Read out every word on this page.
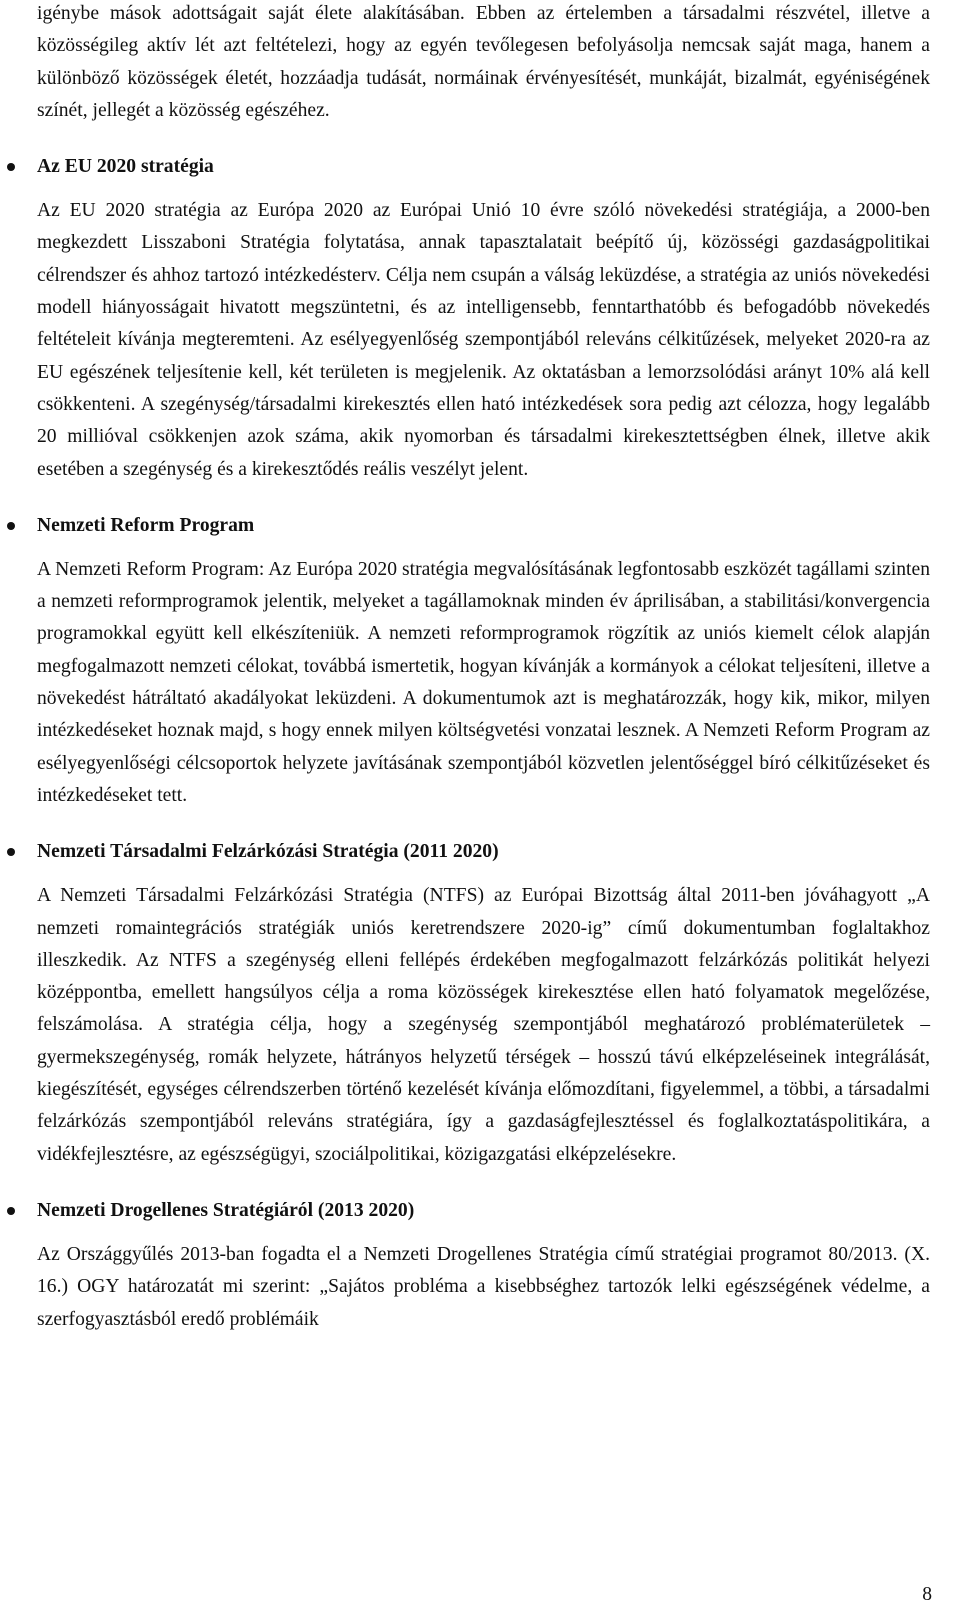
igénybe mások adottságait saját élete alakításában. Ebben az értelemben a társadalmi részvétel, illetve a közösségileg aktív lét azt feltételezi, hogy az egyén tevőlegesen befolyásolja nemcsak saját maga, hanem a különböző közösségek életét, hozzáadja tudását, normáinak érvényesítését, munkáját, bizalmát, egyéniségének színét, jellegét a közösség egészéhez.

Az EU 2020 stratégia

Az EU 2020 stratégia az Európa 2020 az Európai Unió 10 évre szóló növekedési stratégiája, a 2000-ben megkezdett Lisszaboni Stratégia folytatása, annak tapasztalatait beépítő új, közösségi gazdaságpolitikai célrendszer és ahhoz tartozó intézkedésterv. Célja nem csupán a válság leküzdése, a stratégia az uniós növekedési modell hiányosságait hivatott megszüntetni, és az intelligensebb, fenntarthatóbb és befogadóbb növekedés feltételeit kívánja megteremteni. Az esélyegyenlőség szempontjából releváns célkitűzések, melyeket 2020-ra az EU egészének teljesítenie kell, két területen is megjelenik. Az oktatásban a lemorzsolódási arányt 10% alá kell csökkenteni. A szegénység/társadalmi kirekesztés ellen ható intézkedések sora pedig azt célozza, hogy legalább 20 millióval csökkenjen azok száma, akik nyomorban és társadalmi kirekesztettségben élnek, illetve akik esetében a szegénység és a kirekesztődés reális veszélyt jelent.

Nemzeti Reform Program

A Nemzeti Reform Program: Az Európa 2020 stratégia megvalósításának legfontosabb eszközét tagállami szinten a nemzeti reformprogramok jelentik, melyeket a tagállamoknak minden év áprilisában, a stabilitási/konvergencia programokkal együtt kell elkészíteniük. A nemzeti reformprogramok rögzítik az uniós kiemelt célok alapján megfogalmazott nemzeti célokat, továbbá ismertetik, hogyan kívánják a kormányok a célokat teljesíteni, illetve a növekedést hátráltató akadályokat leküzdeni. A dokumentumok azt is meghatározzák, hogy kik, mikor, milyen intézkedéseket hoznak majd, s hogy ennek milyen költségvetési vonzatai lesznek. A Nemzeti Reform Program az esélyegyenlőségi célcsoportok helyzete javításának szempontjából közvetlen jelentőséggel bíró célkitűzéseket és intézkedéseket tett.

Nemzeti Társadalmi Felzárkózási Stratégia (2011 2020)

A Nemzeti Társadalmi Felzárkózási Stratégia (NTFS) az Európai Bizottság által 2011-ben jóváhagyott „A nemzeti romaintegrációs stratégiák uniós keretrendszere 2020-ig” című dokumentumban foglaltakhoz illeszkedik. Az NTFS a szegénység elleni fellépés érdekében megfogalmazott felzárkózás politikát helyezi középpontba, emellett hangsúlyos célja a roma közösségek kirekesztése ellen ható folyamatok megelőzése, felszámolása. A stratégia célja, hogy a szegénység szempontjából meghatározó problématerületek – gyermekszegénység, romák helyzete, hátrányos helyzetű térségek – hosszú távú elképzeléseinek integrálását, kiegészítését, egységes célrendszerben történő kezelését kívánja előmozdítani, figyelemmel, a többi, a társadalmi felzárkózás szempontjából releváns stratégiára, így a gazdaságfejlesztéssel és foglalkoztatáspolitikára, a vidékfejlesztésre, az egészségügyi, szociálpolitikai, közigazgatási elképzelésekre.

Nemzeti Drogellenes Stratégiáról (2013 2020)

Az Országgyűlés 2013-ban fogadta el a Nemzeti Drogellenes Stratégia című stratégiai programot 80/2013. (X. 16.) OGY határozatát mi szerint: „Sajátos probléma a kisebbséghez tartozók lelki egészségének védelme, a szerfogyasztásból eredő problémáik

8
